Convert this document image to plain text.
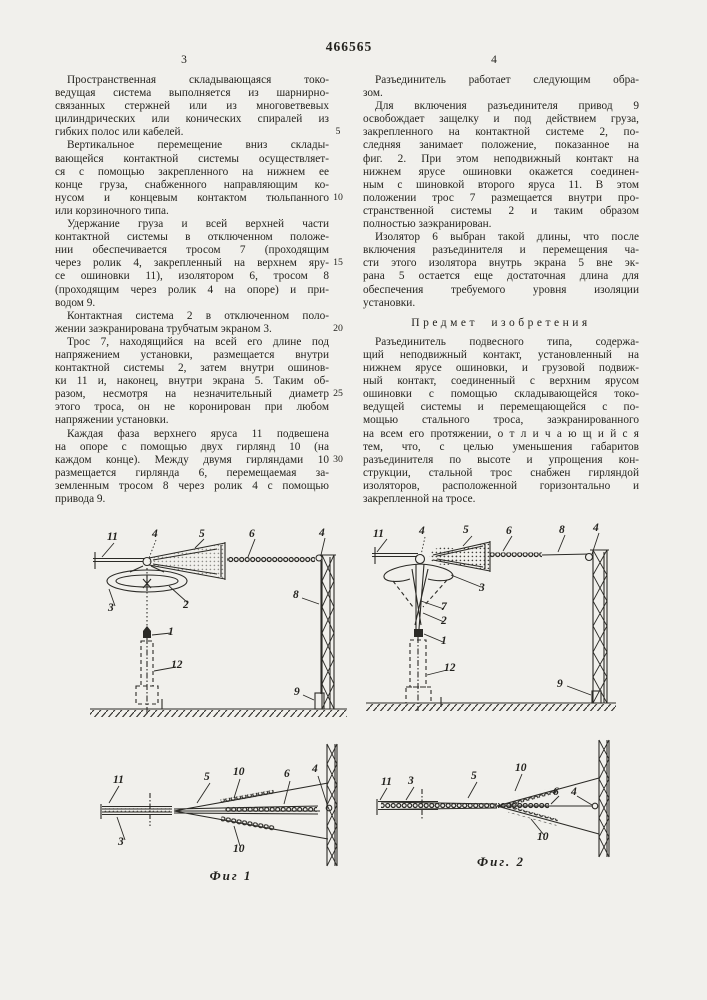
466565
3	4
Пространственная складывающаяся токо-
ведущая система выполняется из шарнирно-
связанных стержней или из многоветвевых
цилиндрических или конических спиралей из
гибких полос или кабелей.
Вертикальное перемещение вниз склады-
вающейся контактной системы осуществляет-
ся с помощью закрепленного на нижнем ее
конце груза, снабженного направляющим ко-
нусом и концевым контактом тюльпанного
или корзиночного типа.
Удержание груза и всей верхней части
контактной системы в отключенном положе-
нии обеспечивается тросом 7 (проходящим
через ролик 4, закрепленный на верхнем яру-
се ошиновки 11), изолятором 6, тросом 8
(проходящим через ролик 4 на опоре) и при-
водом 9.
Контактная система 2 в отключенном поло-
жении заэкранирована трубчатым экраном 3.
Трос 7, находящийся на всей его длине под
напряжением установки, размещается внутри
контактной системы 2, затем внутри ошинов-
ки 11 и, наконец, внутри экрана 5. Таким об-
разом, несмотря на незначительный диаметр
этого троса, он не коронирован при любом
напряжении установки.
Каждая фаза верхнего яруса 11 подвешена
на опоре с помощью двух гирлянд 10 (на
каждом конце). Между двумя гирляндами 10
размещается гирлянда 6, перемещаемая за-
земленным тросом 8 через ролик 4 с помощью
привода 9.
Разъединитель работает следующим обра-
зом.
Для включения разъединителя привод 9
освобождает защелку и под действием груза,
закрепленного на контактной системе 2, по-
следняя занимает положение, показанное на
фиг. 2. При этом неподвижный контакт на
нижнем ярусе ошиновки окажется соединен-
ным с шиновкой второго яруса 11. В этом
положении трос 7 размещается внутри про-
странственной системы 2 и таким образом
полностью заэкранирован.
Изолятор 6 выбран такой длины, что после
включения разъединителя и перемещения ча-
сти этого изолятора внутрь экрана 5 вне эк-
рана 5 остается еще достаточная длина для
обеспечения требуемого уровня изоляции
установки.
Предмет изобретения
Разъединитель подвесного типа, содержа-
щий неподвижный контакт, установленный на
нижнем ярусе ошиновки, и грузовой подвиж-
ный контакт, соединенный с верхним ярусом
ошиновки с помощью складывающейся токо-
ведущей системы и перемещающейся с по-
мощью стального троса, заэкранированного
на всем его протяжении, о т л и ч а ю щ и й с я
тем, что, с целью уменьшения габаритов
разъединителя по высоте и упрощения кон-
струкции, стальной трос снабжен гирляндой
изоляторов, расположенной горизонтально и
закрепленной на тросе.
11	4	5	6	4
8
3	2
1
12
9
11	4	5	6	8 4
3
7
2
1
12
9
Фиг 1
11
3
5 10	6 4
10
Фиг. 2
11 3	5
10
6 4
10
5
10
15
20
25
30
